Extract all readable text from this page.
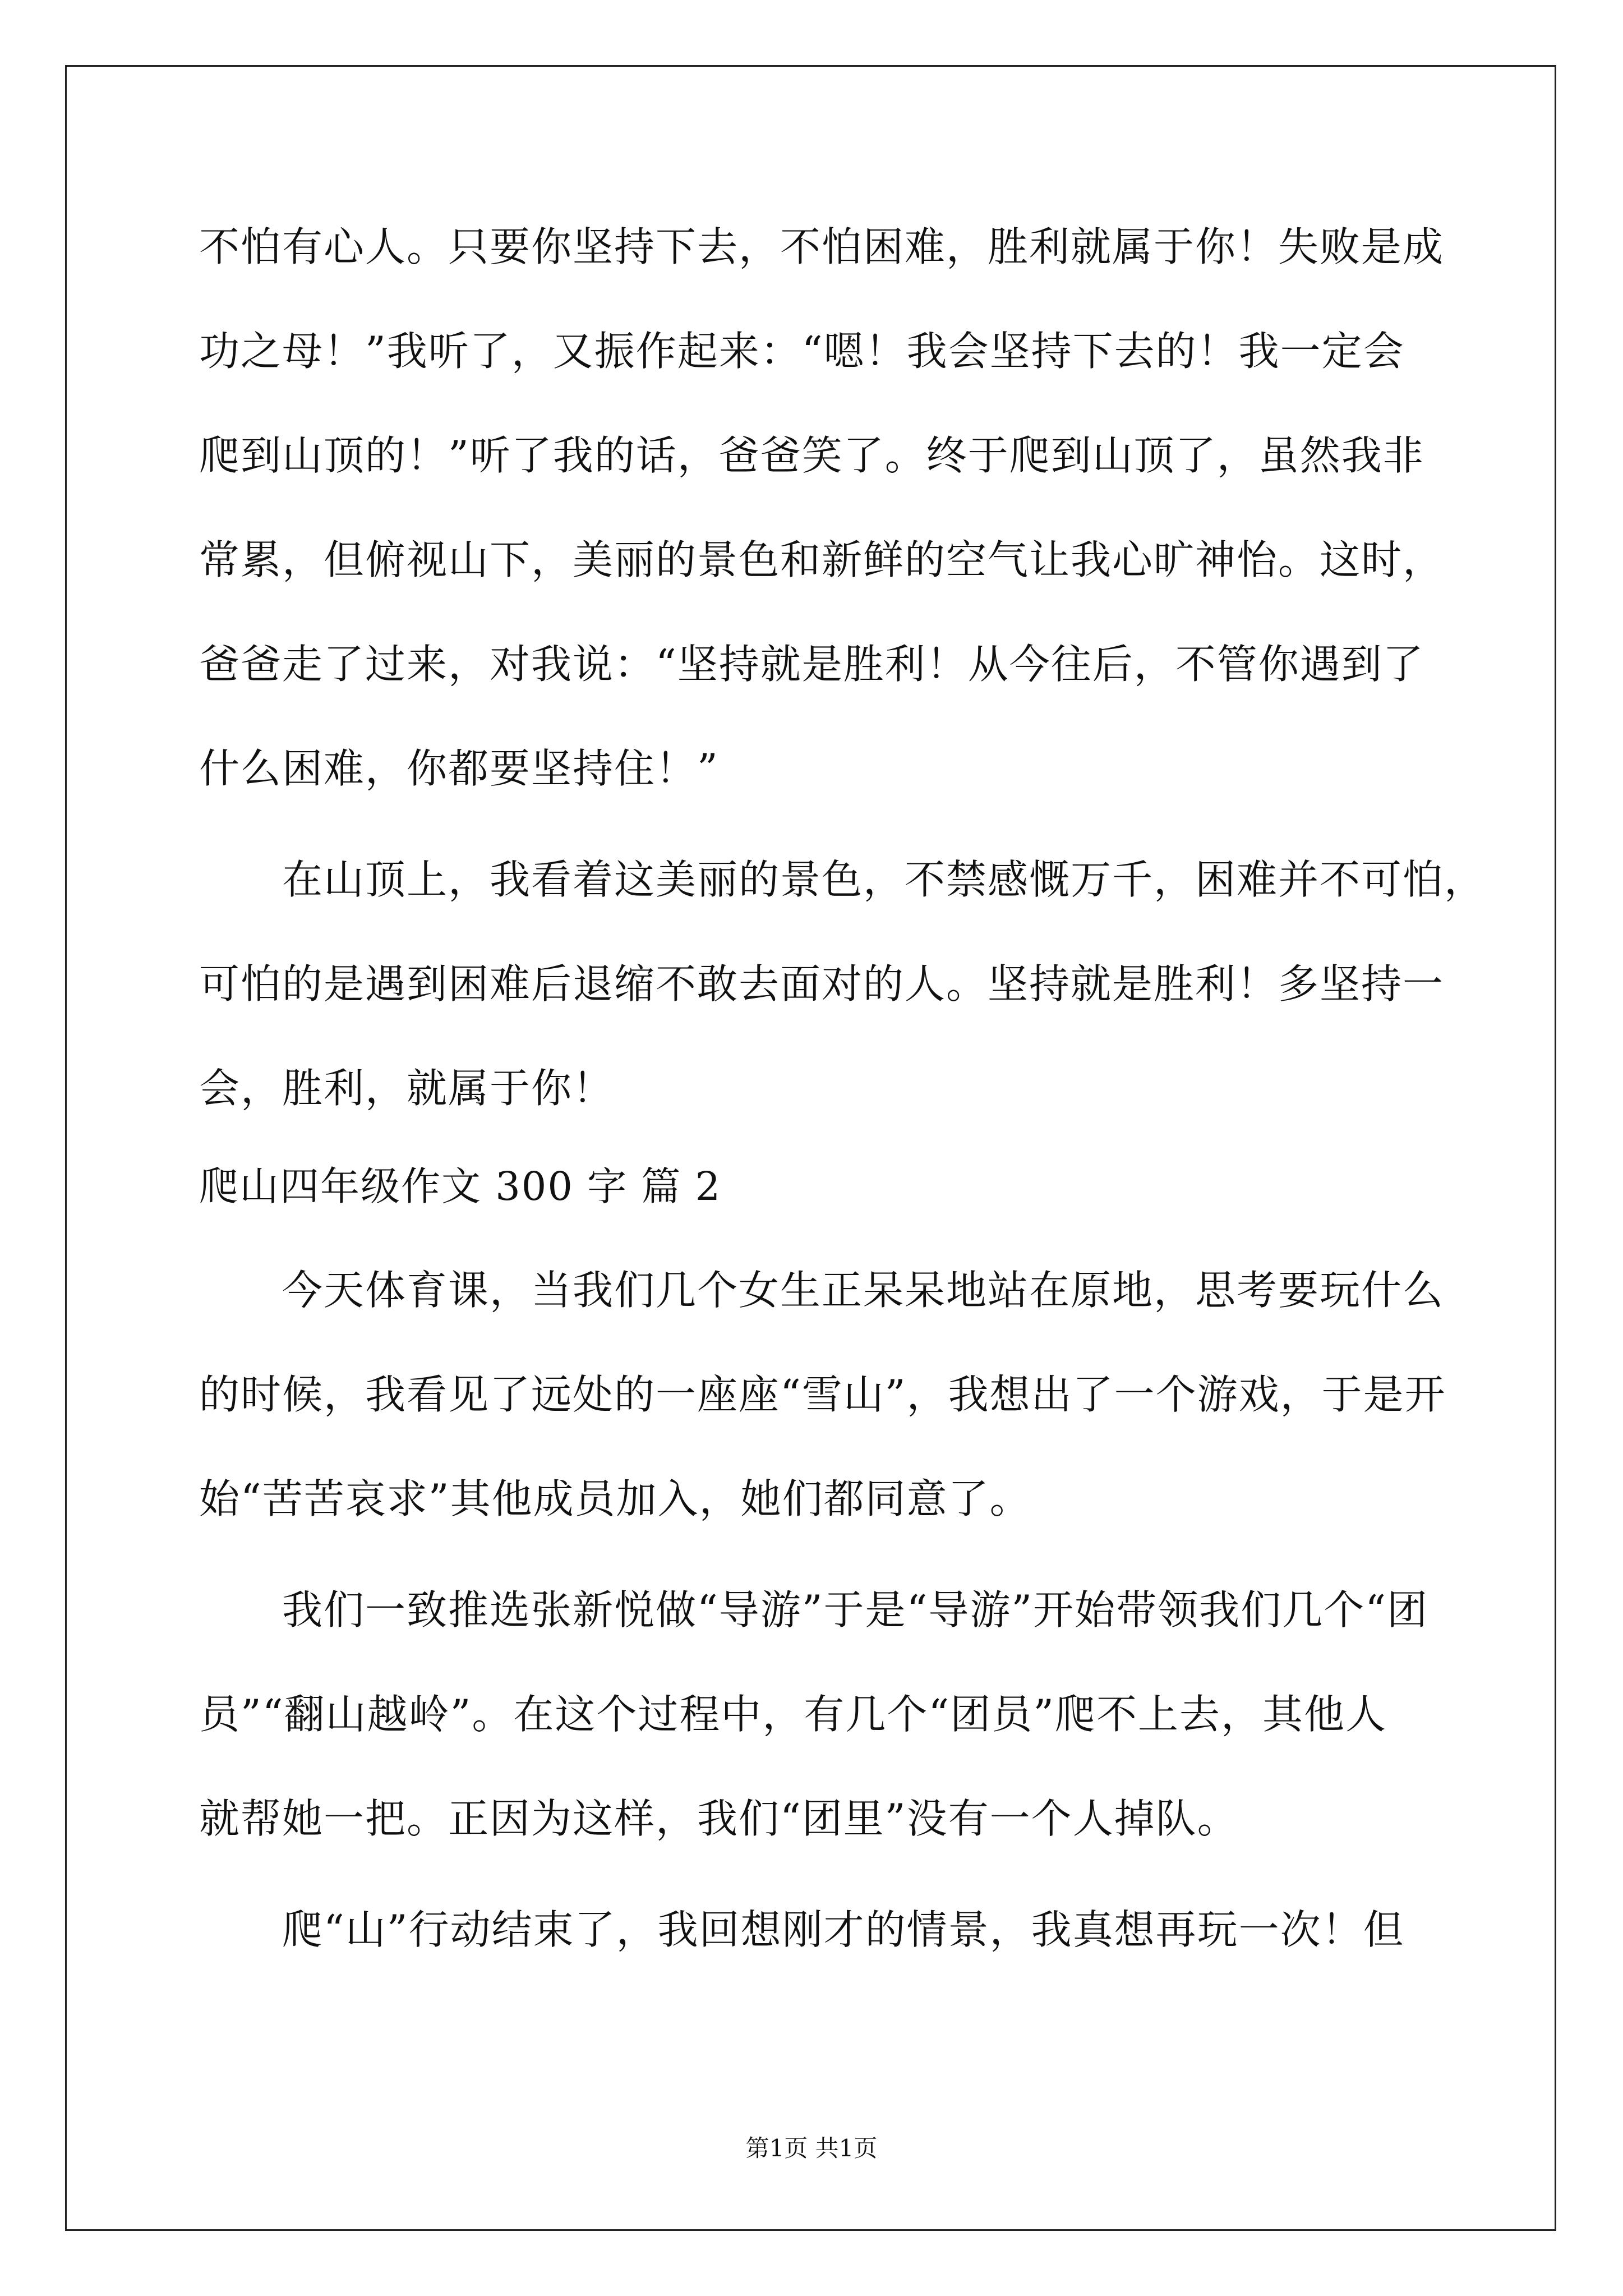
不怕有心人。只要你坚持下去，不怕困难，胜利就属于你！失败是成
功之母！”我听了，又振作起来：“嗯！我会坚持下去的！我一定会
爬到山顶的！”听了我的话，爸爸笑了。终于爬到山顶了，虽然我非
常累，但俯视山下，美丽的景色和新鲜的空气让我心旷神怡。这时，
爸爸走了过来，对我说：“坚持就是胜利！从今往后，不管你遇到了
什么困难，你都要坚持住！”
在山顶上，我看着这美丽的景色，不禁感慨万千，困难并不可怕，
可怕的是遇到困难后退缩不敢去面对的人。坚持就是胜利！多坚持一
会，胜利，就属于你！
爬山四年级作文 300 字 篇 2
今天体育课，当我们几个女生正呆呆地站在原地，思考要玩什么
的时候，我看见了远处的一座座“雪山”，我想出了一个游戏，于是开
始“苦苦哀求”其他成员加入，她们都同意了。
我们一致推选张新悦做“导游”于是“导游”开始带领我们几个“团
员”“翻山越岭”。在这个过程中，有几个“团员”爬不上去，其他人
就帮她一把。正因为这样，我们“团里”没有一个人掉队。
爬“山”行动结束了，我回想刚才的情景，我真想再玩一次！但
第1页 共1页
